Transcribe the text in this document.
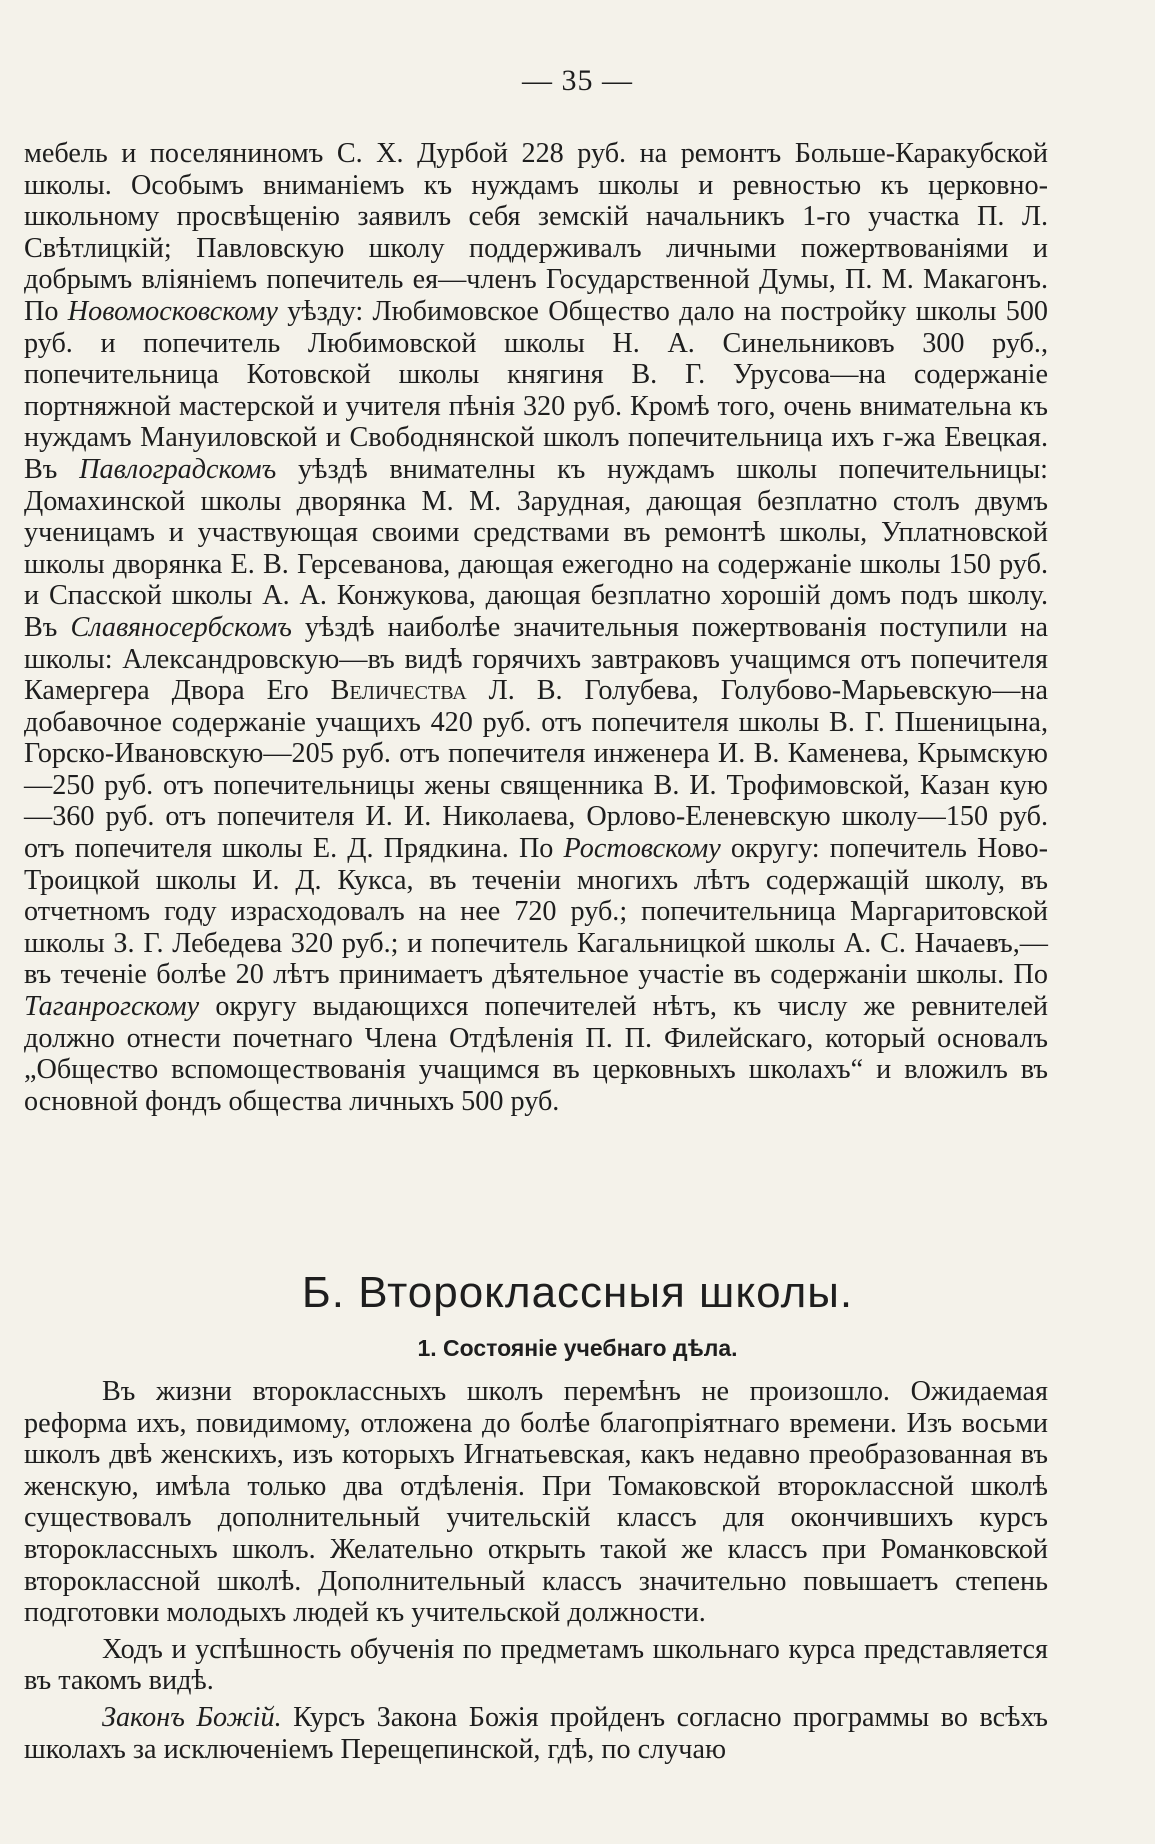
— 35 —

мебель и поселяниномъ С. Х. Дурбой 228 руб. на ремонтъ Больше-Каракубской школы. Особымъ вниманіемъ къ нуждамъ школы и ревностью къ церковно-школьному просвѣщенію заявилъ себя земскій начальникъ 1-го участка П. Л. Свѣтлицкій; Павловскую школу поддерживалъ личными пожертвованіями и добрымъ вліяніемъ попечитель ея—членъ Государственной Думы, П. М. Макагонъ. По Новомосковскому уѣзду: Любимовское Общество дало на постройку школы 500 руб. и попечитель Любимовской школы Н. А. Синельниковъ 300 руб., попечительница Котовской школы княгиня В. Г. Урусова—на содержаніе портняжной мастерской и учителя пѣнія 320 руб. Кромѣ того, очень внимательна къ нуждамъ Мануиловской и Свободнянской школъ попечительница ихъ г-жа Евецкая. Въ Павлоградскомъ уѣздѣ внимателны къ нуждамъ школы попечительницы: Домахинской школы дворянка М. М. Зарудная, дающая безплатно столъ двумъ ученицамъ и участвующая своими средствами въ ремонтѣ школы, Уплатновской школы дворянка Е. В. Герсеванова, дающая ежегодно на содержаніе школы 150 руб. и Спасской школы А. А. Конжукова, дающая безплатно хорошій домъ подъ школу. Въ Славяносербскомъ уѣздѣ наиболѣе значительныя пожертвованія поступили на школы: Александровскую—въ видѣ горячихъ завтраковъ учащимся отъ попечителя Камергера Двора Его Величества Л. В. Голубева, Голубово-Марьевскую—на добавочное содержаніе учащихъ 420 руб. отъ попечителя школы В. Г. Пшеницына, Горско-Ивановскую—205 руб. отъ попечителя инженера И. В. Каменева, Крымскую—250 руб. отъ попечительницы жены священника В. И. Трофимовской, Казан кую—360 руб. отъ попечителя И. И. Николаева, Орлово-Еленевскую школу—150 руб. отъ попечителя школы Е. Д. Прядкина. По Ростовскому округу: попечитель Ново-Троицкой школы И. Д. Кукса, въ теченіи многихъ лѣтъ содержащій школу, въ отчетномъ году израсходовалъ на нее 720 руб.; попечительница Маргаритовской школы З. Г. Лебедева 320 руб.; и попечитель Кагальницкой школы А. С. Начаевъ,—въ теченіе болѣе 20 лѣтъ принимаетъ дѣятельное участіе въ содержаніи школы. По Таганрогскому округу выдающихся попечителей нѣтъ, къ числу же ревнителей должно отнести почетнаго Члена Отдѣленія П. П. Филейскаго, который основалъ „Общество вспомоществованія учащимся въ церковныхъ школахъ“ и вложилъ въ основной фондъ общества личныхъ 500 руб.

Б. Второклассныя школы.
1. Состояніе учебнаго дѣла.

Въ жизни второклассныхъ школъ перемѣнъ не произошло. Ожидаемая реформа ихъ, повидимому, отложена до болѣе благопріятнаго времени. Изъ восьми школъ двѣ женскихъ, изъ которыхъ Игнатьевская, какъ недавно преобразованная въ женскую, имѣла только два отдѣленія. При Томаковской второклассной школѣ существовалъ дополнительный учительскій классъ для окончившихъ курсъ второклассныхъ школъ. Желательно открыть такой же классъ при Романковской второклассной школѣ. Дополнительный классъ значительно повышаетъ степень подготовки молодыхъ людей къ учительской должности.

Ходъ и успѣшность обученія по предметамъ школьнаго курса представляется въ такомъ видѣ.

Законъ Божій. Курсъ Закона Божія пройденъ согласно программы во всѣхъ школахъ за исключеніемъ Перещепинской, гдѣ, по случаю
